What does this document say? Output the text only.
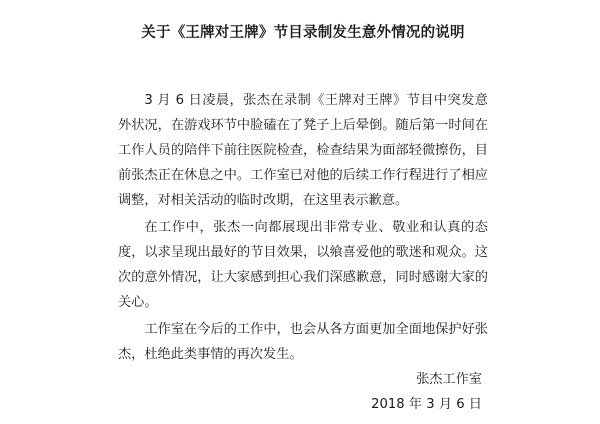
关于《王牌对王牌》节目录制发生意外情况的说明

3 月 6 日凌晨，张杰在录制《王牌对王牌》节目中突发意外状况，在游戏环节中脸磕在了凳子上后晕倒。随后第一时间在工作人员的陪伴下前往医院检查，检查结果为面部轻微擦伤，目前张杰正在休息之中。工作室已对他的后续工作行程进行了相应调整，对相关活动的临时改期，在这里表示歉意。

在工作中，张杰一向都展现出非常专业、敬业和认真的态度，以求呈现出最好的节目效果，以飨喜爱他的歌迷和观众。这次的意外情况，让大家感到担心我们深感歉意，同时感谢大家的关心。

工作室在今后的工作中，也会从各方面更加全面地保护好张杰，杜绝此类事情的再次发生。

张杰工作室
2018 年 3 月 6 日
